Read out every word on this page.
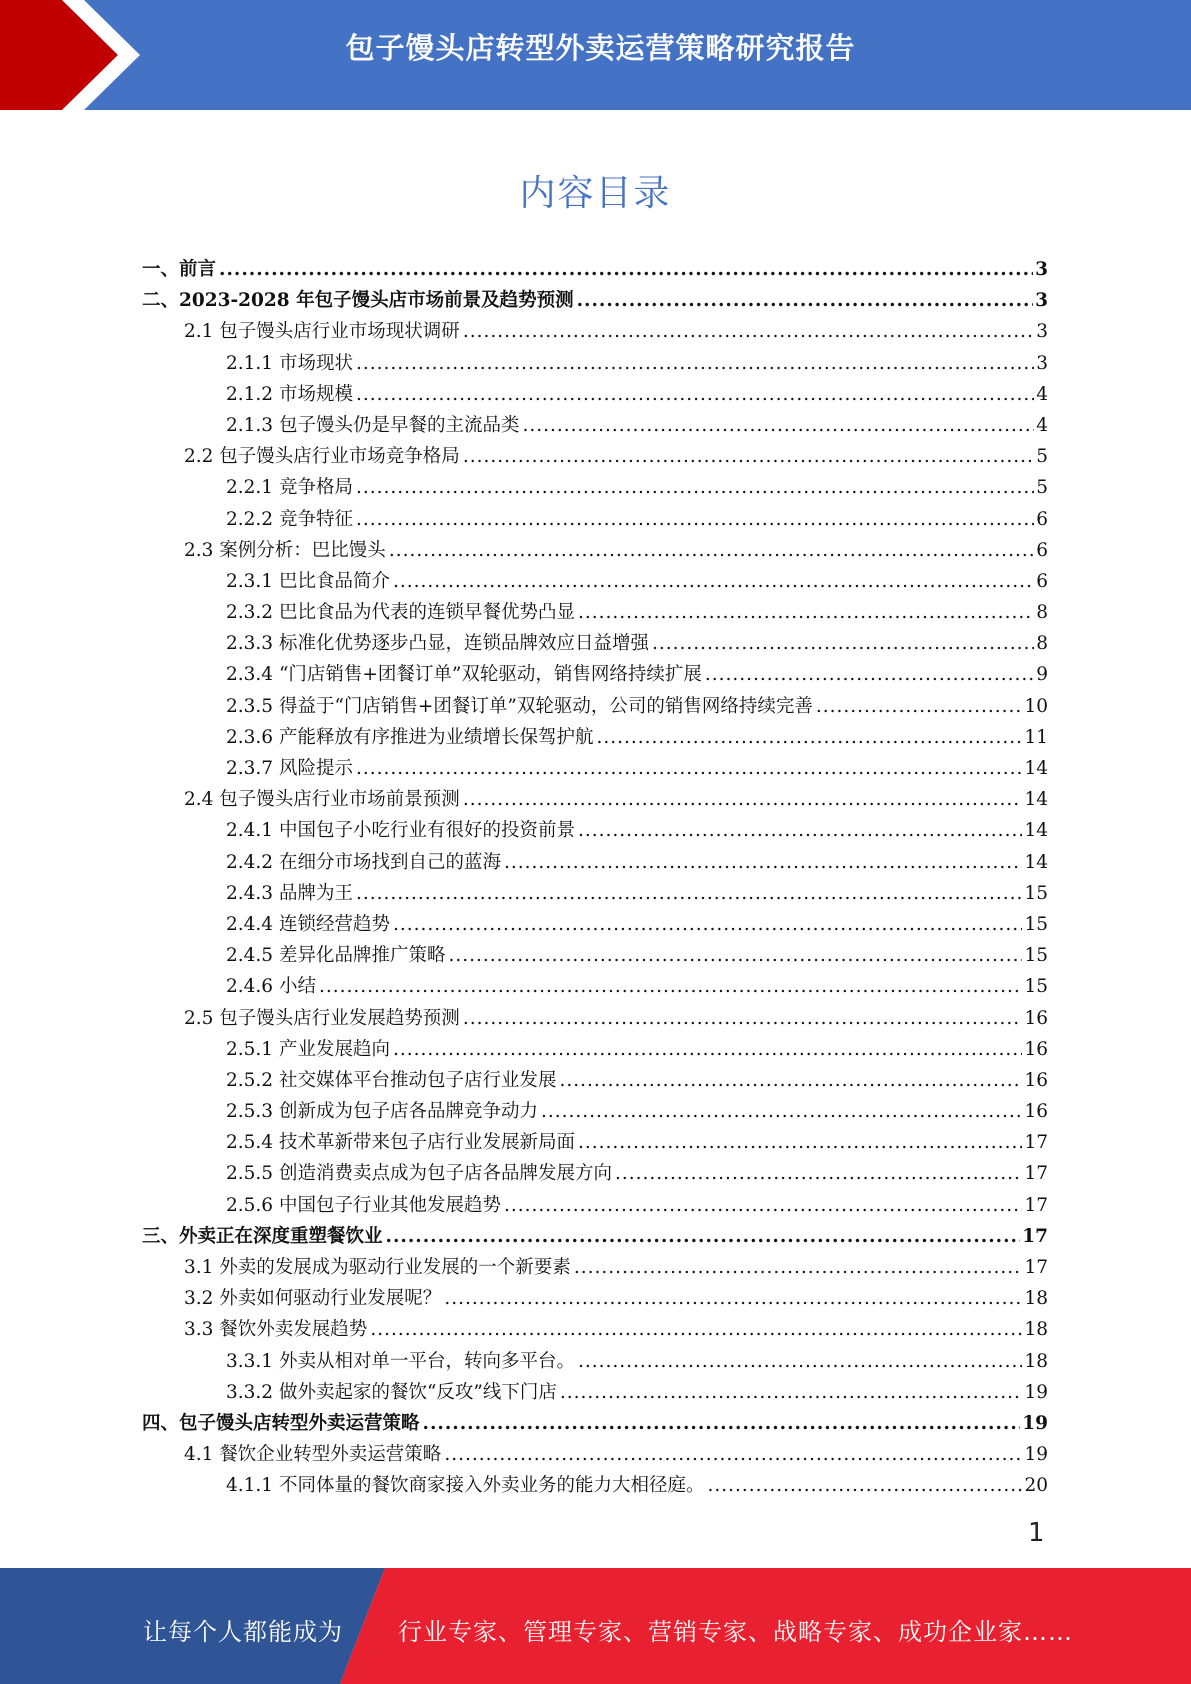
包子馒头店转型外卖运营策略研究报告
内容目录
一、前言 .....	3
二、2023-2028 年包子馒头店市场前景及趋势预测 .....	3
2.1 包子馒头店行业市场现状调研 .....	3
2.1.1 市场现状 .....	3
2.1.2 市场规模 .....	4
2.1.3 包子馒头仍是早餐的主流品类 .....	4
2.2 包子馒头店行业市场竞争格局 .....	5
2.2.1 竞争格局 .....	5
2.2.2 竞争特征 .....	6
2.3 案例分析：巴比馒头 .....	6
2.3.1 巴比食品简介 .....	6
2.3.2 巴比食品为代表的连锁早餐优势凸显 .....	8
2.3.3 标准化优势逐步凸显，连锁品牌效应日益增强 .....	8
2.3.4 “门店销售+团餐订单”双轮驱动，销售网络持续扩展 .....	9
2.3.5 得益于“门店销售+团餐订单”双轮驱动，公司的销售网络持续完善 .....	10
2.3.6 产能释放有序推进为业绩增长保驾护航 .....	11
2.3.7 风险提示 .....	14
2.4 包子馒头店行业市场前景预测 .....	14
2.4.1 中国包子小吃行业有很好的投资前景 .....	14
2.4.2 在细分市场找到自己的蓝海 .....	14
2.4.3 品牌为王 .....	15
2.4.4 连锁经营趋势 .....	15
2.4.5 差异化品牌推广策略 .....	15
2.4.6 小结 .....	15
2.5 包子馒头店行业发展趋势预测 .....	16
2.5.1 产业发展趋向 .....	16
2.5.2 社交媒体平台推动包子店行业发展 .....	16
2.5.3 创新成为包子店各品牌竞争动力 .....	16
2.5.4 技术革新带来包子店行业发展新局面 .....	17
2.5.5 创造消费卖点成为包子店各品牌发展方向 .....	17
2.5.6 中国包子行业其他发展趋势 .....	17
三、外卖正在深度重塑餐饮业 .....	17
3.1 外卖的发展成为驱动行业发展的一个新要素 .....	17
3.2 外卖如何驱动行业发展呢？ .....	18
3.3 餐饮外卖发展趋势 .....	18
3.3.1 外卖从相对单一平台，转向多平台。 .....	18
3.3.2 做外卖起家的餐饮“反攻”线下门店 .....	19
四、包子馒头店转型外卖运营策略 .....	19
4.1 餐饮企业转型外卖运营策略 .....	19
4.1.1 不同体量的餐饮商家接入外卖业务的能力大相径庭。 .....	20
1
让每个人都能成为 行业专家、管理专家、营销专家、战略专家、成功企业家……
